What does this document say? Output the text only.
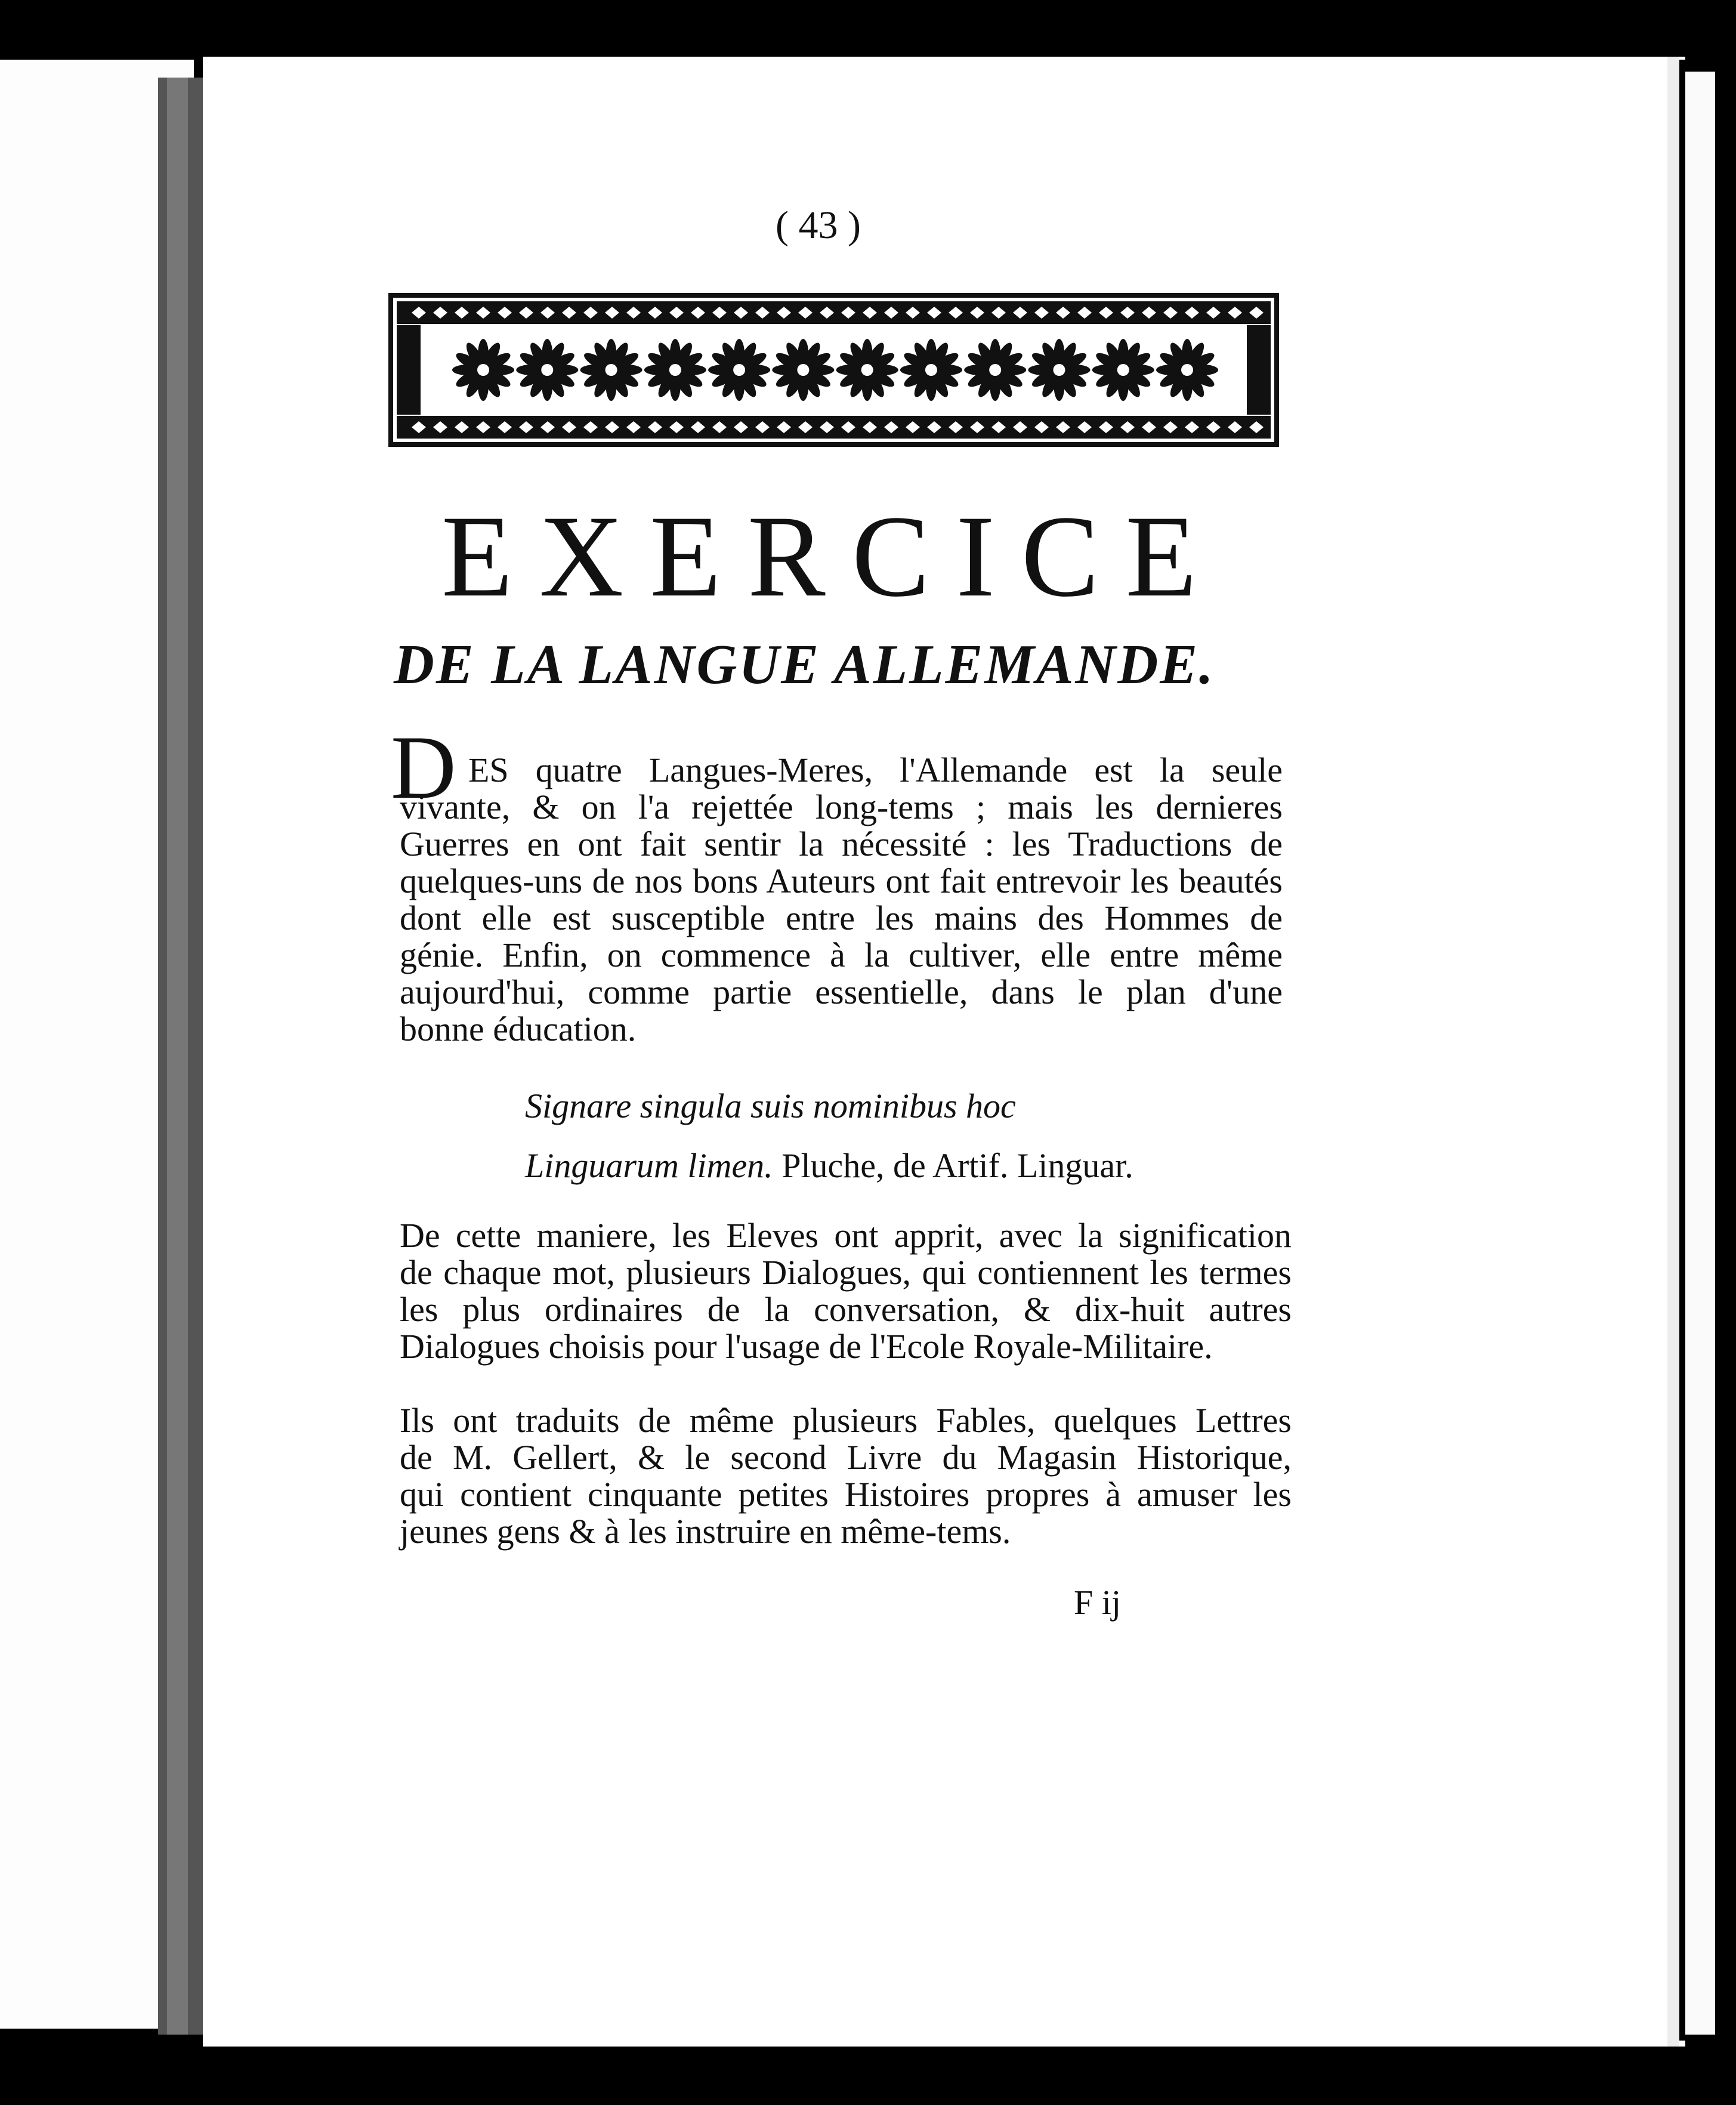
( 43 )
EXERCICE
DE LA LANGUE ALLEMANDE.
D ES quatre Langues-Meres, l'Allemande est la seule
vivante, & on l'a rejettée long-tems ; mais les dernieres
Guerres en ont fait sentir la nécessité : les Traductions de
quelques-uns de nos bons Auteurs ont fait entrevoir les beautés
dont elle est susceptible entre les mains des Hommes de
génie. Enfin, on commence à la cultiver, elle entre même
aujourd'hui, comme partie essentielle, dans le plan d'une
bonne éducation.
Signare singula suis nominibus hoc
Linguarum limen. Pluche, de Artif. Linguar.
De cette maniere, les Eleves ont apprit, avec la signification
de chaque mot, plusieurs Dialogues, qui contiennent les termes
les plus ordinaires de la conversation, & dix-huit autres
Dialogues choisis pour l'usage de l'Ecole Royale-Militaire.
Ils ont traduits de même plusieurs Fables, quelques Lettres
de M. Gellert, & le second Livre du Magasin Historique,
qui contient cinquante petites Histoires propres à amuser les
jeunes gens & à les instruire en même-tems.
F ij
